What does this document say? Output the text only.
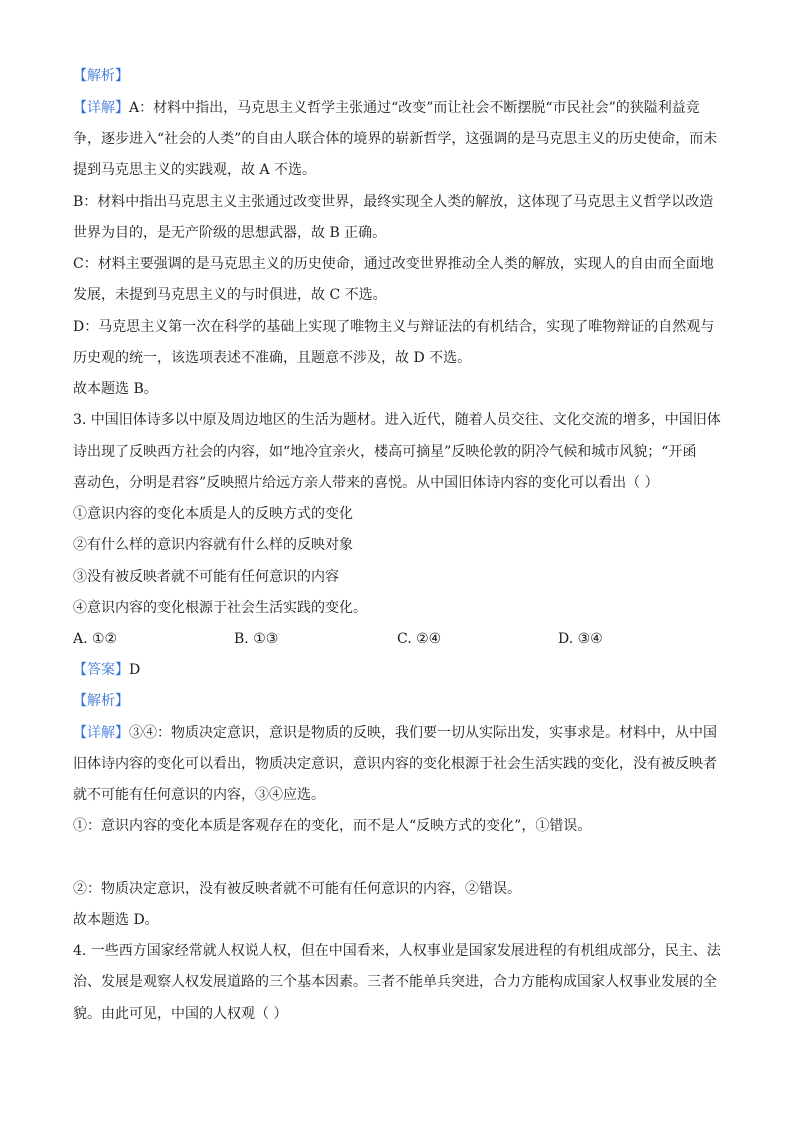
【解析】
【详解】A：材料中指出，马克思主义哲学主张通过“改变”而让社会不断摆脱“市民社会”的狭隘利益竞
争，逐步进入“社会的人类”的自由人联合体的境界的崭新哲学，这强调的是马克思主义的历史使命，而未
提到马克思主义的实践观，故 A 不选。
B：材料中指出马克思主义主张通过改变世界，最终实现全人类的解放，这体现了马克思主义哲学以改造
世界为目的，是无产阶级的思想武器，故 B 正确。
C：材料主要强调的是马克思主义的历史使命，通过改变世界推动全人类的解放，实现人的自由而全面地
发展，未提到马克思主义的与时俱进，故 C 不选。
D：马克思主义第一次在科学的基础上实现了唯物主义与辩证法的有机结合，实现了唯物辩证的自然观与
历史观的统一，该选项表述不准确，且题意不涉及，故 D 不选。
故本题选 B。
3. 中国旧体诗多以中原及周边地区的生活为题材。进入近代，随着人员交往、文化交流的增多，中国旧体
诗出现了反映西方社会的内容，如“地冷宜亲火，楼高可摘星”反映伦敦的阴冷气候和城市风貌；“开函
喜动色，分明是君容”反映照片给远方亲人带来的喜悦。从中国旧体诗内容的变化可以看出（ ）
①意识内容的变化本质是人的反映方式的变化
②有什么样的意识内容就有什么样的反映对象
③没有被反映者就不可能有任何意识的内容
④意识内容的变化根源于社会生活实践的变化。
A. ①②	B. ①③	C. ②④	D. ③④
【答案】D
【解析】
【详解】③④：物质决定意识，意识是物质的反映，我们要一切从实际出发，实事求是。材料中，从中国
旧体诗内容的变化可以看出，物质决定意识，意识内容的变化根源于社会生活实践的变化，没有被反映者
就不可能有任何意识的内容，③④应选。
①：意识内容的变化本质是客观存在的变化，而不是人“反映方式的变化”，①错误。
②：物质决定意识，没有被反映者就不可能有任何意识的内容，②错误。
故本题选 D。
4. 一些西方国家经常就人权说人权，但在中国看来，人权事业是国家发展进程的有机组成部分，民主、法
治、发展是观察人权发展道路的三个基本因素。三者不能单兵突进，合力方能构成国家人权事业发展的全
貌。由此可见，中国的人权观（ ）
